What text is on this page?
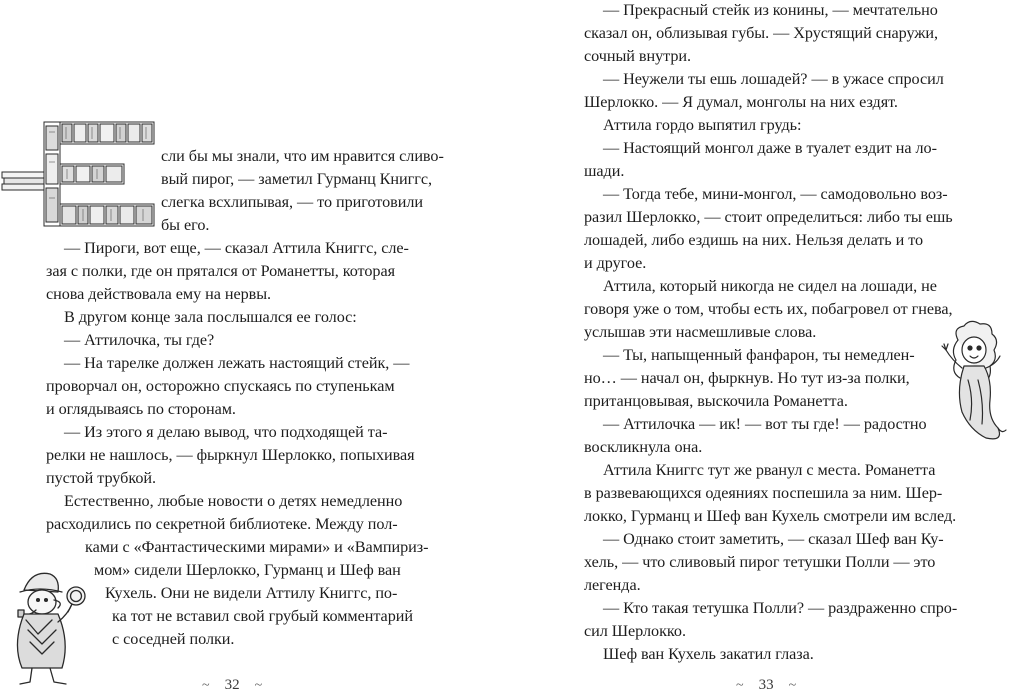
сли бы мы знали, что им нравится сливо-
вый пирог, — заметил Гурманц Книггс,
слегка всхлипывая, — то приготовили
бы его.
— Пироги, вот еще, — сказал Аттила Книггс, сле-
зая с полки, где он прятался от Романетты, которая
снова действовала ему на нервы.
В другом конце зала послышался ее голос:
— Аттилочка, ты где?
— На тарелке должен лежать настоящий стейк, —
проворчал он, осторожно спускаясь по ступенькам
и оглядываясь по сторонам.
— Из этого я делаю вывод, что подходящей та-
релки не нашлось, — фыркнул Шерлокко, попыхивая
пустой трубкой.
Естественно, любые новости о детях немедленно
расходились по секретной библиотеке. Между пол-
ками с «Фантастическими мирами» и «Вампириз-
мом» сидели Шерлокко, Гурманц и Шеф ван
Кухель. Они не видели Аттилу Книггс, по-
ка тот не вставил свой грубый комментарий
с соседней полки.
~ 32 ~
— Прекрасный стейк из конины, — мечтательно
сказал он, облизывая губы. — Хрустящий снаружи,
сочный внутри.
— Неужели ты ешь лошадей? — в ужасе спросил
Шерлокко. — Я думал, монголы на них ездят.
Аттила гордо выпятил грудь:
— Настоящий монгол даже в туалет ездит на ло-
шади.
— Тогда тебе, мини-монгол, — самодовольно воз-
разил Шерлокко, — стоит определиться: либо ты ешь
лошадей, либо ездишь на них. Нельзя делать и то
и другое.
Аттила, который никогда не сидел на лошади, не
говоря уже о том, чтобы есть их, побагровел от гнева,
услышав эти насмешливые слова.
— Ты, напыщенный фанфарон, ты немедлен-
но… — начал он, фыркнув. Но тут из-за полки,
пританцовывая, выскочила Романетта.
— Аттилочка — ик! — вот ты где! — радостно
воскликнула она.
Аттила Книггс тут же рванул с места. Романетта
в развевающихся одеяниях поспешила за ним. Шер-
локко, Гурманц и Шеф ван Кухель смотрели им вслед.
— Однако стоит заметить, — сказал Шеф ван Ку-
хель, — что сливовый пирог тетушки Полли — это
легенда.
— Кто такая тетушка Полли? — раздраженно спро-
сил Шерлокко.
Шеф ван Кухель закатил глаза.
~ 33 ~
